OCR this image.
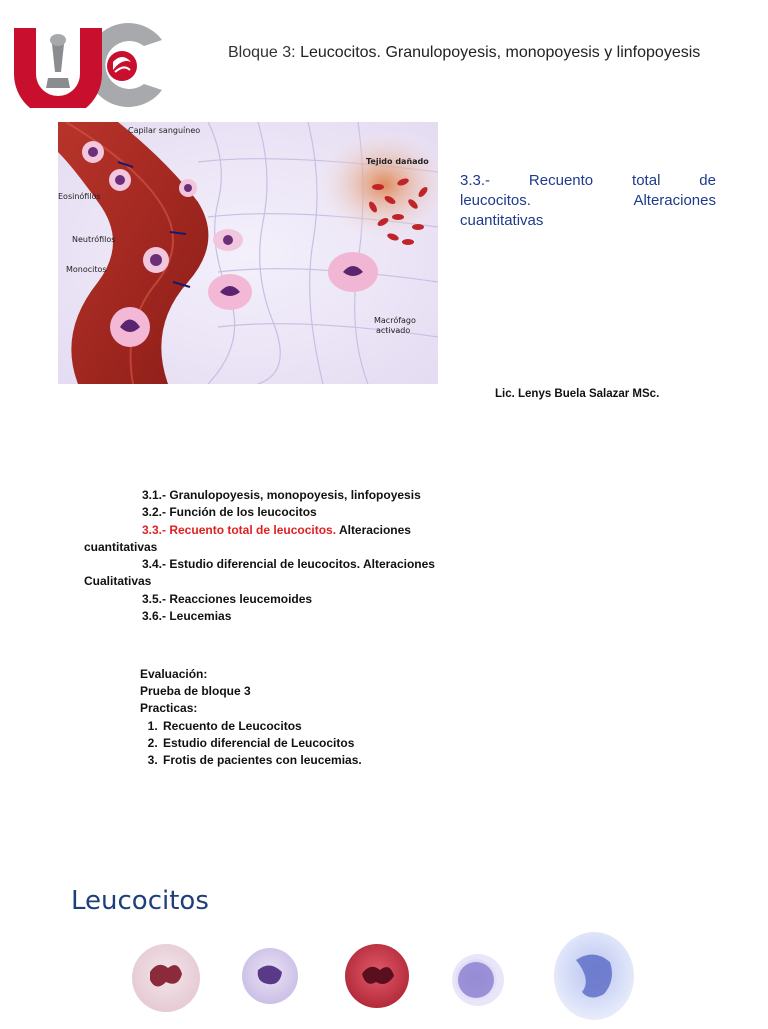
Bloque 3: Leucocitos. Granulopoyesis, monopoyesis y linfopoyesis
Capilar sanguíneo
Eosinófilos
Neutrófilos
Monocitos
Tejido dañado
Macrófago
activado
3.3.-      Recuento      total      de
leucocitos.              Alteraciones
cuantitativas
Lic. Lenys Buela Salazar MSc.
3.1.- Granulopoyesis, monopoyesis, linfopoyesis
3.2.- Función de los leucocitos
3.3.- Recuento total de leucocitos. Alteraciones
cuantitativas
3.4.- Estudio diferencial de leucocitos. Alteraciones
Cualitativas
3.5.- Reacciones leucemoides
3.6.- Leucemias
Evaluación:
Prueba de bloque 3
Practicas:
1. Recuento de Leucocitos
2. Estudio diferencial de Leucocitos
3. Frotis de pacientes con leucemias.
Leucocitos
